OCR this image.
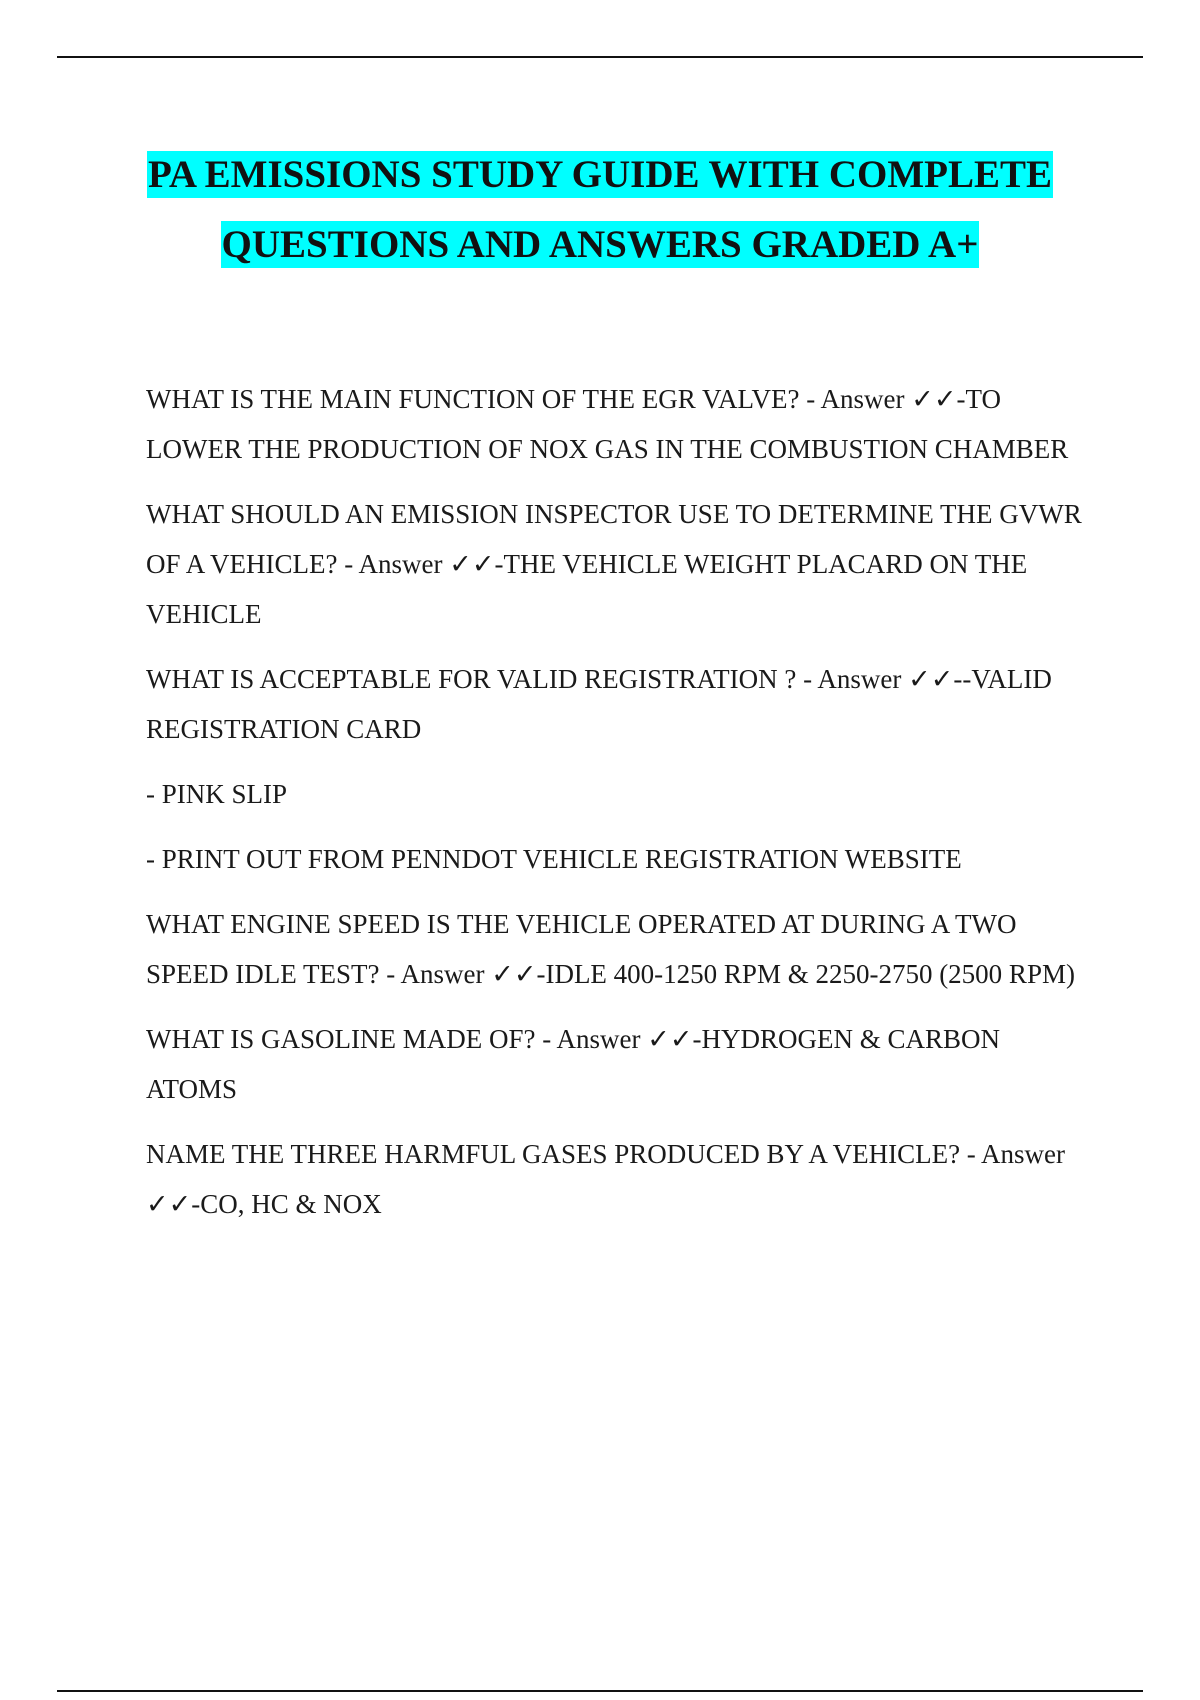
PA EMISSIONS STUDY GUIDE WITH COMPLETE
QUESTIONS AND ANSWERS GRADED A+

WHAT IS THE MAIN FUNCTION OF THE EGR VALVE? - Answer ✓✓-TO LOWER THE PRODUCTION OF NOX GAS IN THE COMBUSTION CHAMBER

WHAT SHOULD AN EMISSION INSPECTOR USE TO DETERMINE THE GVWR OF A VEHICLE? - Answer ✓✓-THE VEHICLE WEIGHT PLACARD ON THE VEHICLE

WHAT IS ACCEPTABLE FOR VALID REGISTRATION ? - Answer ✓✓--VALID REGISTRATION CARD

- PINK SLIP

- PRINT OUT FROM PENNDOT VEHICLE REGISTRATION WEBSITE

WHAT ENGINE SPEED IS THE VEHICLE OPERATED AT DURING A TWO SPEED IDLE TEST? - Answer ✓✓-IDLE 400-1250 RPM & 2250-2750 (2500 RPM)

WHAT IS GASOLINE MADE OF? - Answer ✓✓-HYDROGEN & CARBON ATOMS

NAME THE THREE HARMFUL GASES PRODUCED BY A VEHICLE? - Answer ✓✓-CO, HC & NOX
